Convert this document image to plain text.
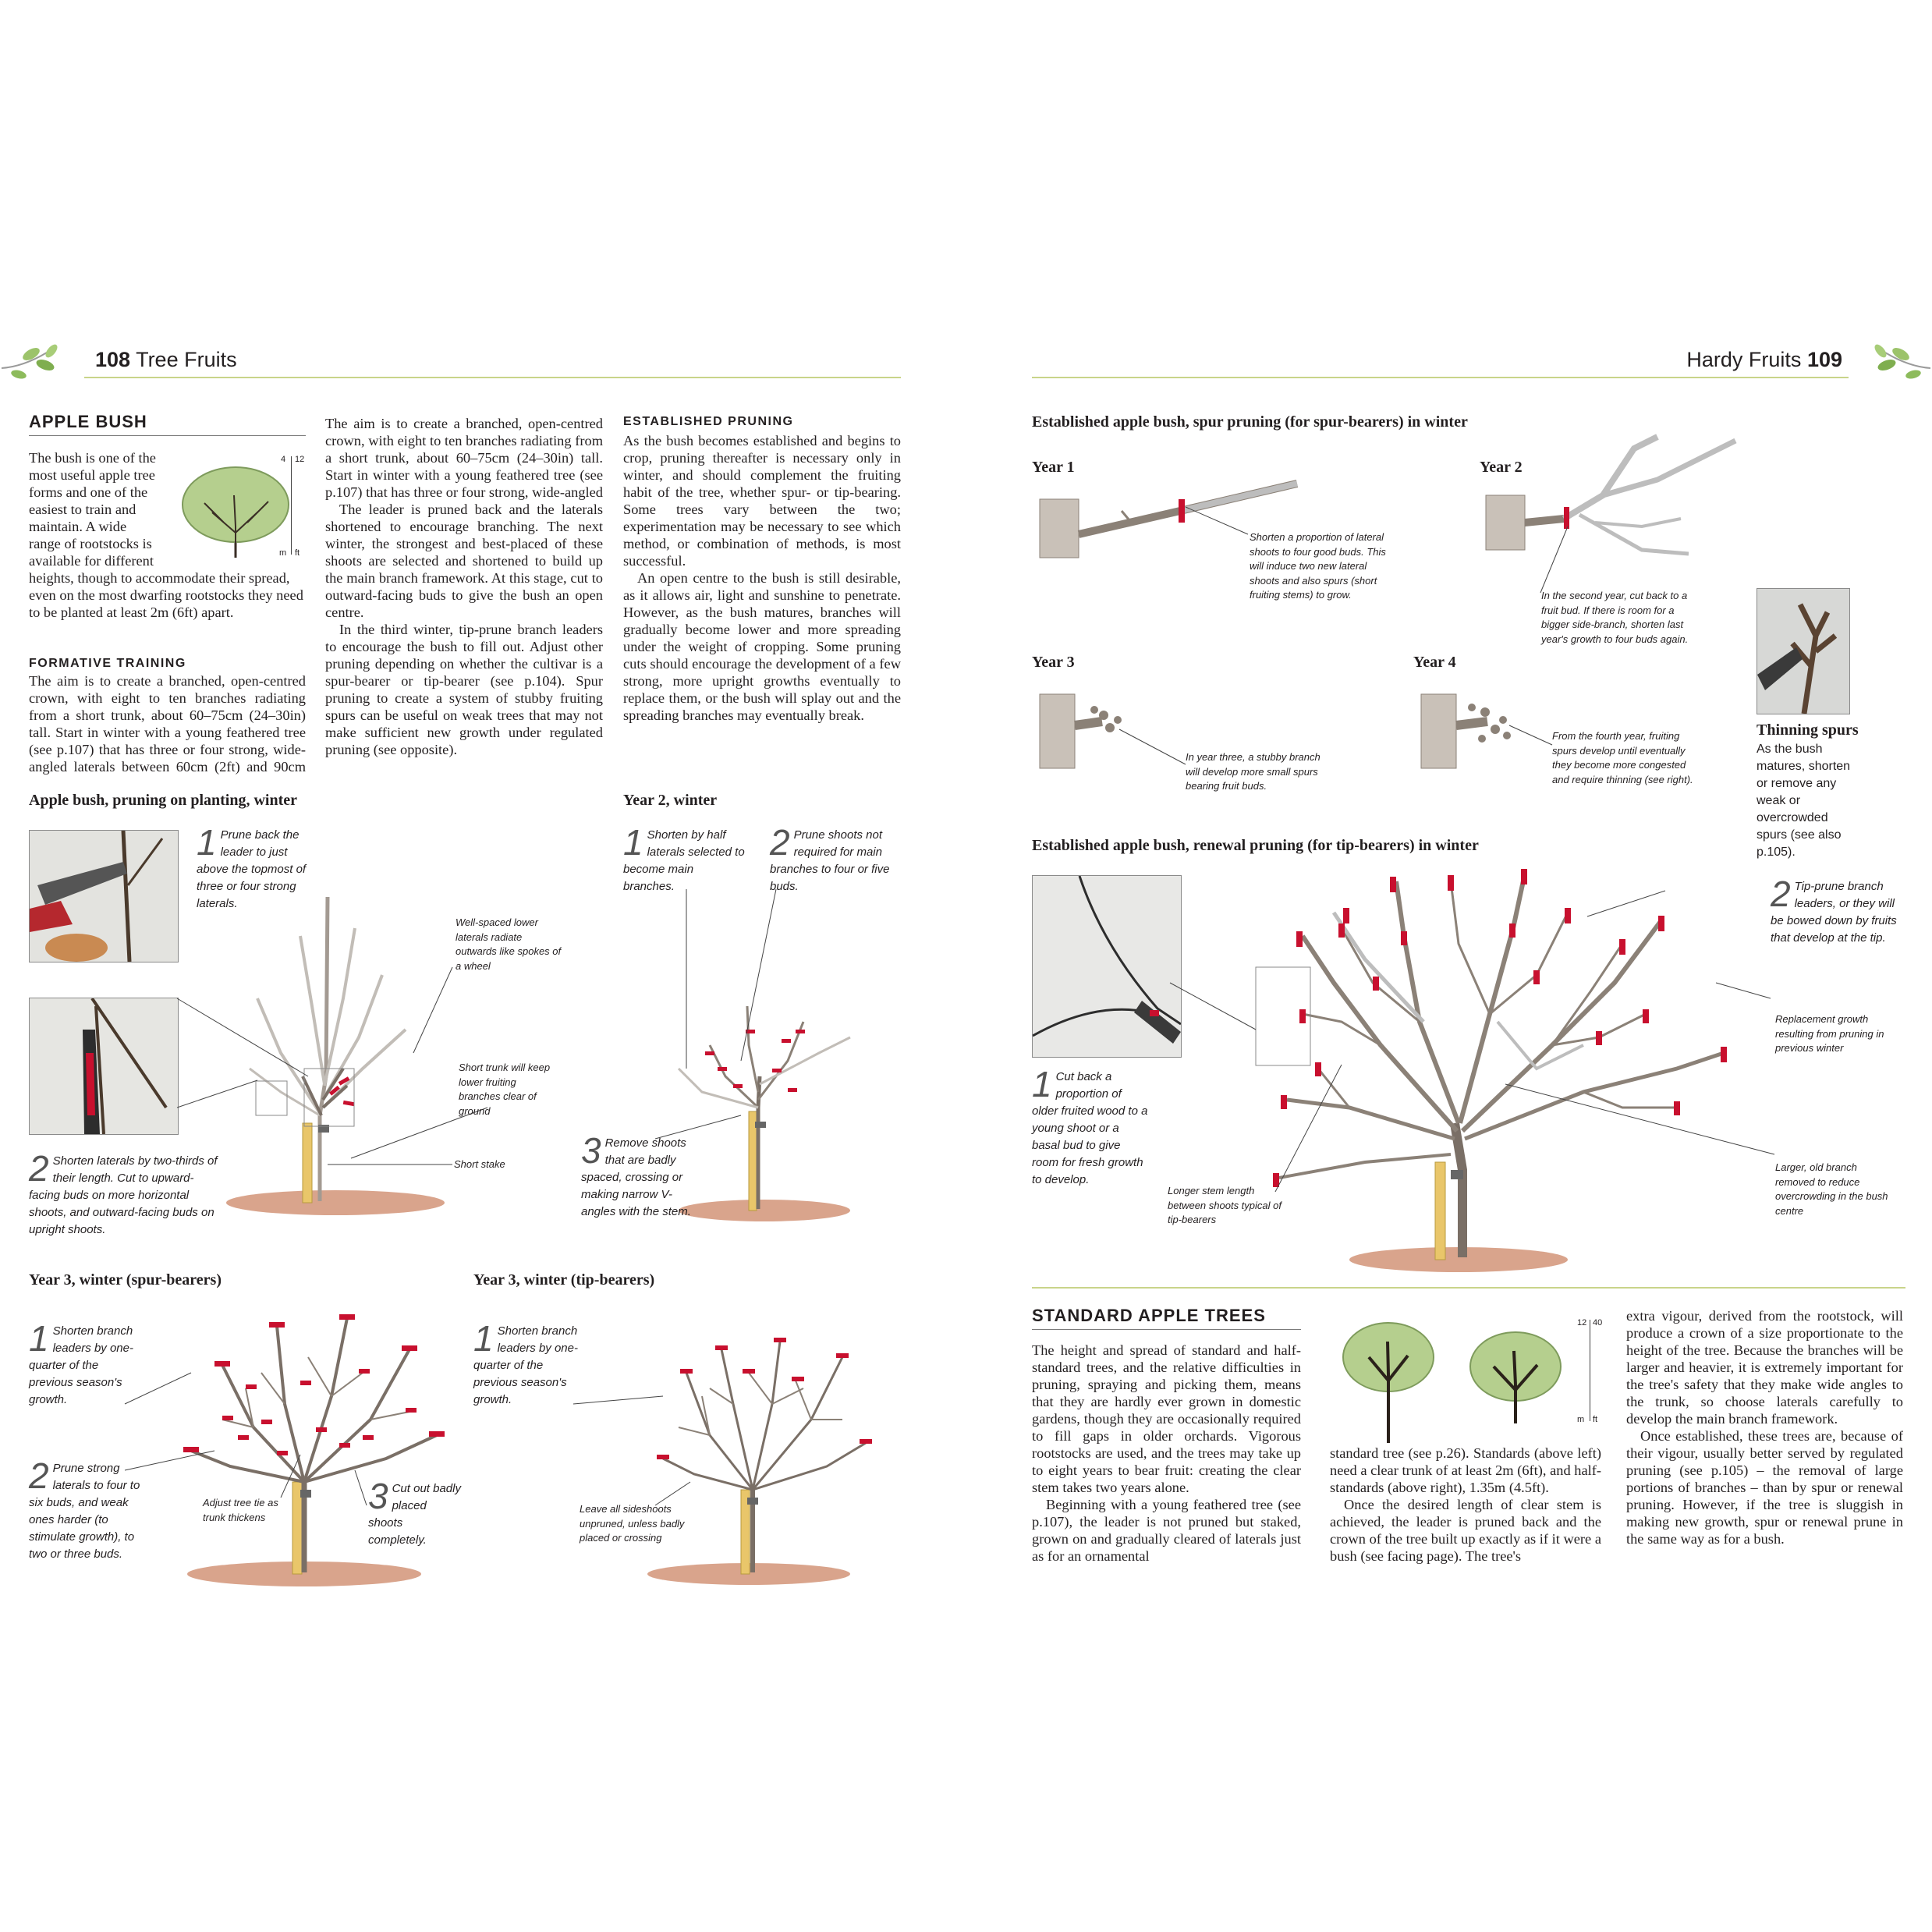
108 Tree Fruits	Hardy Fruits 109
APPLE BUSH
4 12
m ft

The bush is one of the most useful apple tree forms and one of the easiest to train and maintain. A wide range of rootstocks is available for different heights, though to accommodate their spread, even on the most dwarfing rootstocks they need to be planted at least 2m (6ft) apart.

FORMATIVE TRAINING

The aim is to create a branched, open-centred crown, with eight to ten branches radiating from a short trunk, about 60–75cm (24–30in) tall. Start in winter with a young feathered tree (see p.107) that has three or four strong, wide-angled laterals between 60cm (2ft) and 90cm

The aim is to create a branched, open-centred crown, with eight to ten branches radiating from a short trunk, about 60–75cm (24–30in) tall. Start in winter with a young feathered tree (see p.107) that has three or four strong, wide-angled

The leader is pruned back and the laterals shortened to encourage branching. The next winter, the strongest and best-placed of these shoots are selected and shortened to build up the main branch framework. At this stage, cut to outward-facing buds to give the bush an open centre.

In the third winter, tip-prune branch leaders to encourage the bush to fill out. Adjust other pruning depending on whether the cultivar is a spur-bearer or tip-bearer (see p.104). Spur pruning to create a system of stubby fruiting spurs can be useful on weak trees that may not make sufficient new growth under regulated pruning (see opposite).

ESTABLISHED PRUNING

As the bush becomes established and begins to crop, pruning thereafter is necessary only in winter, and should complement the fruiting habit of the tree, whether spur- or tip-bearing. Some trees vary between the two; experimentation may be necessary to see which method, or combination of methods, is most successful.

An open centre to the bush is still desirable, as it allows air, light and sunshine to penetrate. However, as the bush matures, branches will gradually become lower and more spreading under the weight of cropping. Some pruning cuts should encourage the development of a few strong, more upright growths eventually to replace them, or the bush will splay out and the spreading branches may eventually break.

Apple bush, pruning on planting, winter
1 Prune back the leader to just above the topmost of three or four strong laterals.
Well-spaced lower laterals radiate outwards like spokes of a wheel
Short trunk will keep lower fruiting branches clear of ground
Short stake
2 Shorten laterals by two-thirds of their length. Cut to upward-facing buds on more horizontal shoots, and outward-facing buds on upright shoots.
Year 2, winter
1 Shorten by half laterals selected to become main branches.
2 Prune shoots not required for main branches to four or five buds.
3 Remove shoots that are badly spaced, crossing or making narrow V-angles with the stem.
Year 3, winter (spur-bearers)
1 Shorten branch leaders by one-quarter of the previous season's growth.
2 Prune strong laterals to four to six buds, and weak ones harder (to stimulate growth), to two or three buds.
Adjust tree tie as trunk thickens
3 Cut out badly placed shoots completely.
Year 3, winter (tip-bearers)
1 Shorten branch leaders by one-quarter of the previous season's growth.
Leave all sideshoots unpruned, unless badly placed or crossing
Established apple bush, spur pruning (for spur-bearers) in winter
Year 1
Shorten a proportion of lateral shoots to four good buds. This will induce two new lateral shoots and also spurs (short fruiting stems) to grow.
Year 2
In the second year, cut back to a fruit bud. If there is room for a bigger side-branch, shorten last year's growth to four buds again.
Thinning spurs
As the bush matures, shorten or remove any weak or overcrowded spurs (see also p.105).
Year 3
In year three, a stubby branch will develop more small spurs bearing fruit buds.
Year 4
From the fourth year, fruiting spurs develop until eventually they become more congested and require thinning (see right).
Established apple bush, renewal pruning (for tip-bearers) in winter
1 Cut back a proportion of older fruited wood to a young shoot or a basal bud to give room for fresh growth to develop.
2 Tip-prune branch leaders, or they will be bowed down by fruits that develop at the tip.
Replacement growth resulting from pruning in previous winter
Longer stem length between shoots typical of tip-bearers
Larger, old branch removed to reduce overcrowding in the bush centre
STANDARD APPLE TREES

The height and spread of standard and half-standard trees, and the relative difficulties in pruning, spraying and picking them, means that they are hardly ever grown in domestic gardens, though they are occasionally required to fill gaps in older orchards. Vigorous rootstocks are used, and the trees may take up to eight years to bear fruit: creating the clear stem takes two years alone.

Beginning with a young feathered tree (see p.107), the leader is not pruned but staked, grown on and gradually cleared of laterals just as for an ornamental

12 40
m ft

standard tree (see p.26). Standards (above left) need a clear trunk of at least 2m (6ft), and half-standards (above right), 1.35m (4.5ft).

Once the desired length of clear stem is achieved, the leader is pruned back and the crown of the tree built up exactly as if it were a bush (see facing page). The tree's

extra vigour, derived from the rootstock, will produce a crown of a size proportionate to the height of the tree. Because the branches will be larger and heavier, it is extremely important for the tree's safety that they make wide angles to the trunk, so choose laterals carefully to develop the main branch framework.

Once established, these trees are, because of their vigour, usually better served by regulated pruning (see p.105) – the removal of large portions of branches – than by spur or renewal pruning. However, if the tree is sluggish in making new growth, spur or renewal prune in the same way as for a bush.
